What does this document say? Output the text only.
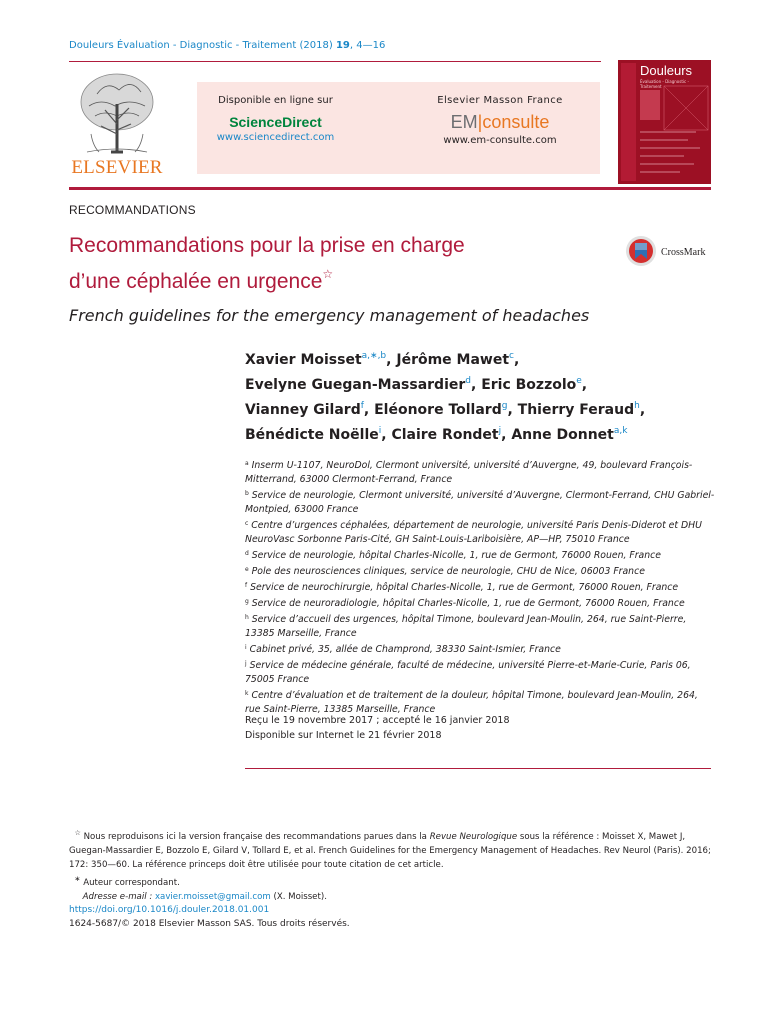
Douleurs Évaluation - Diagnostic - Traitement (2018) 19, 4—16
ELSEVIER
Disponible en ligne sur
ScienceDirect
www.sciencedirect.com
Elsevier Masson France
EM|consulte
www.em-consulte.com
Douleurs
Évaluation - Diagnostic - Traitement
RECOMMANDATIONS
Recommandations pour la prise en charge
d’une céphalée en urgence☆
CrossMark
French guidelines for the emergency management of headaches
Xavier Moisset$^{a,∗,b}$, Jérôme Mawet$^c$,
Evelyne Guegan-Massardier$^d$, Eric Bozzolo$^e$,
Vianney Gilard$^f$, Eléonore Tollard$^g$, Thierry Feraud$^h$,
Bénédicte Noëlle$^i$, Claire Rondet$^j$, Anne Donnet$^{a,k}$
$^a$ Inserm U-1107, NeuroDol, Clermont université, université d’Auvergne, 49, boulevard François-Mitterrand, 63000 Clermont-Ferrand, France
$^b$ Service de neurologie, Clermont université, université d’Auvergne, Clermont-Ferrand, CHU Gabriel-Montpied, 63000 France
$^c$ Centre d’urgences céphalées, département de neurologie, université Paris Denis-Diderot et DHU NeuroVasc Sorbonne Paris-Cité, GH Saint-Louis-Lariboisière, AP—HP, 75010 France
$^d$ Service de neurologie, hôpital Charles-Nicolle, 1, rue de Germont, 76000 Rouen, France
$^e$ Pole des neurosciences cliniques, service de neurologie, CHU de Nice, 06003 France
$^f$ Service de neurochirurgie, hôpital Charles-Nicolle, 1, rue de Germont, 76000 Rouen, France
$^g$ Service de neuroradiologie, hôpital Charles-Nicolle, 1, rue de Germont, 76000 Rouen, France
$^h$ Service d’accueil des urgences, hôpital Timone, boulevard Jean-Moulin, 264, rue Saint-Pierre, 13385 Marseille, France
$^i$ Cabinet privé, 35, allée de Champrond, 38330 Saint-Ismier, France
$^j$ Service de médecine générale, faculté de médecine, université Pierre-et-Marie-Curie, Paris 06, 75005 France
$^k$ Centre d’évaluation et de traitement de la douleur, hôpital Timone, boulevard Jean-Moulin, 264, rue Saint-Pierre, 13385 Marseille, France
Reçu le 19 novembre 2017 ; accepté le 16 janvier 2018
Disponible sur Internet le 21 février 2018
☆ Nous reproduisons ici la version française des recommandations parues dans la Revue Neurologique sous la référence : Moisset X, Mawet J, Guegan-Massardier E, Bozzolo E, Gilard V, Tollard E, et al. French Guidelines for the Emergency Management of Headaches. Rev Neurol (Paris). 2016; 172: 350—60. La référence princeps doit être utilisée pour toute citation de cet article.
∗ Auteur correspondant.
Adresse e-mail : xavier.moisset@gmail.com (X. Moisset).
https://doi.org/10.1016/j.douler.2018.01.001
1624-5687/© 2018 Elsevier Masson SAS. Tous droits réservés.
